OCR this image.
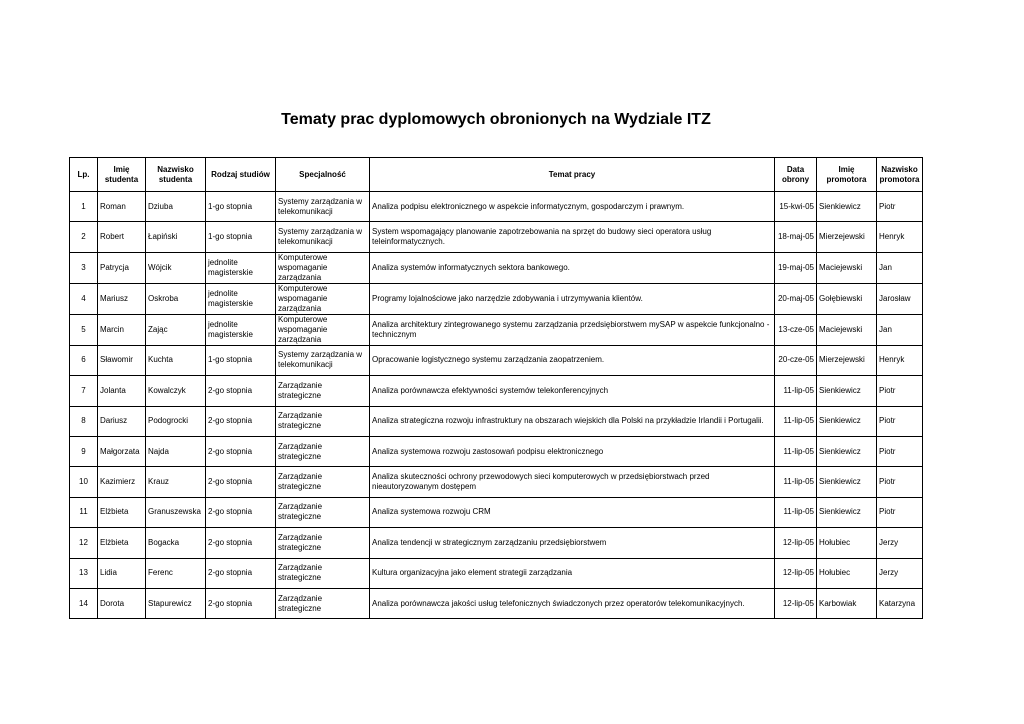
Tematy prac dyplomowych obronionych na Wydziale ITZ
Lp.	Imię studenta	Nazwisko studenta	Rodzaj studiów	Specjalność	Temat pracy	Data obrony	Imię promotora	Nazwisko promotora
1	Roman	Dziuba	1-go stopnia	Systemy zarządzania w telekomunikacji	Analiza podpisu elektronicznego w aspekcie informatycznym, gospodarczym i prawnym.	15-kwi-05	Sienkiewicz	Piotr
2	Robert	Łapiński	1-go stopnia	Systemy zarządzania w telekomunikacji	System wspomagający planowanie zapotrzebowania na sprzęt do budowy sieci operatora usług teleinformatycznych.	18-maj-05	Mierzejewski	Henryk
3	Patrycja	Wójcik	jednolite magisterskie	Komputerowe wspomaganie zarządzania	Analiza systemów informatycznych sektora bankowego.	19-maj-05	Maciejewski	Jan
4	Mariusz	Oskroba	jednolite magisterskie	Komputerowe wspomaganie zarządzania	Programy lojalnościowe jako narzędzie zdobywania i utrzymywania klientów.	20-maj-05	Gołębiewski	Jarosław
5	Marcin	Zając	jednolite magisterskie	Komputerowe wspomaganie zarządzania	Analiza architektury zintegrowanego systemu zarządzania przedsiębiorstwem mySAP w aspekcie funkcjonalno - technicznym	13-cze-05	Maciejewski	Jan
6	Sławomir	Kuchta	1-go stopnia	Systemy zarządzania w telekomunikacji	Opracowanie logistycznego systemu zarządzania zaopatrzeniem.	20-cze-05	Mierzejewski	Henryk
7	Jolanta	Kowalczyk	2-go stopnia	Zarządzanie strategiczne	Analiza porównawcza efektywności systemów telekonferencyjnych	11-lip-05	Sienkiewicz	Piotr
8	Dariusz	Podogrocki	2-go stopnia	Zarządzanie strategiczne	Analiza strategiczna rozwoju infrastruktury na obszarach wiejskich dla Polski na przykładzie Irlandii i Portugalii.	11-lip-05	Sienkiewicz	Piotr
9	Małgorzata	Najda	2-go stopnia	Zarządzanie strategiczne	Analiza systemowa rozwoju zastosowań podpisu elektronicznego	11-lip-05	Sienkiewicz	Piotr
10	Kazimierz	Krauz	2-go stopnia	Zarządzanie strategiczne	Analiza skuteczności ochrony przewodowych sieci komputerowych w przedsiębiorstwach przed nieautoryzowanym dostępem	11-lip-05	Sienkiewicz	Piotr
11	Elżbieta	Granuszewska	2-go stopnia	Zarządzanie strategiczne	Analiza systemowa rozwoju CRM	11-lip-05	Sienkiewicz	Piotr
12	Elżbieta	Bogacka	2-go stopnia	Zarządzanie strategiczne	Analiza tendencji w strategicznym zarządzaniu przedsiębiorstwem	12-lip-05	Hołubiec	Jerzy
13	Lidia	Ferenc	2-go stopnia	Zarządzanie strategiczne	Kultura organizacyjna jako element strategii zarządzania	12-lip-05	Hołubiec	Jerzy
14	Dorota	Stapurewicz	2-go stopnia	Zarządzanie strategiczne	Analiza porównawcza jakości usług telefonicznych świadczonych przez operatorów telekomunikacyjnych.	12-lip-05	Karbowiak	Katarzyna
